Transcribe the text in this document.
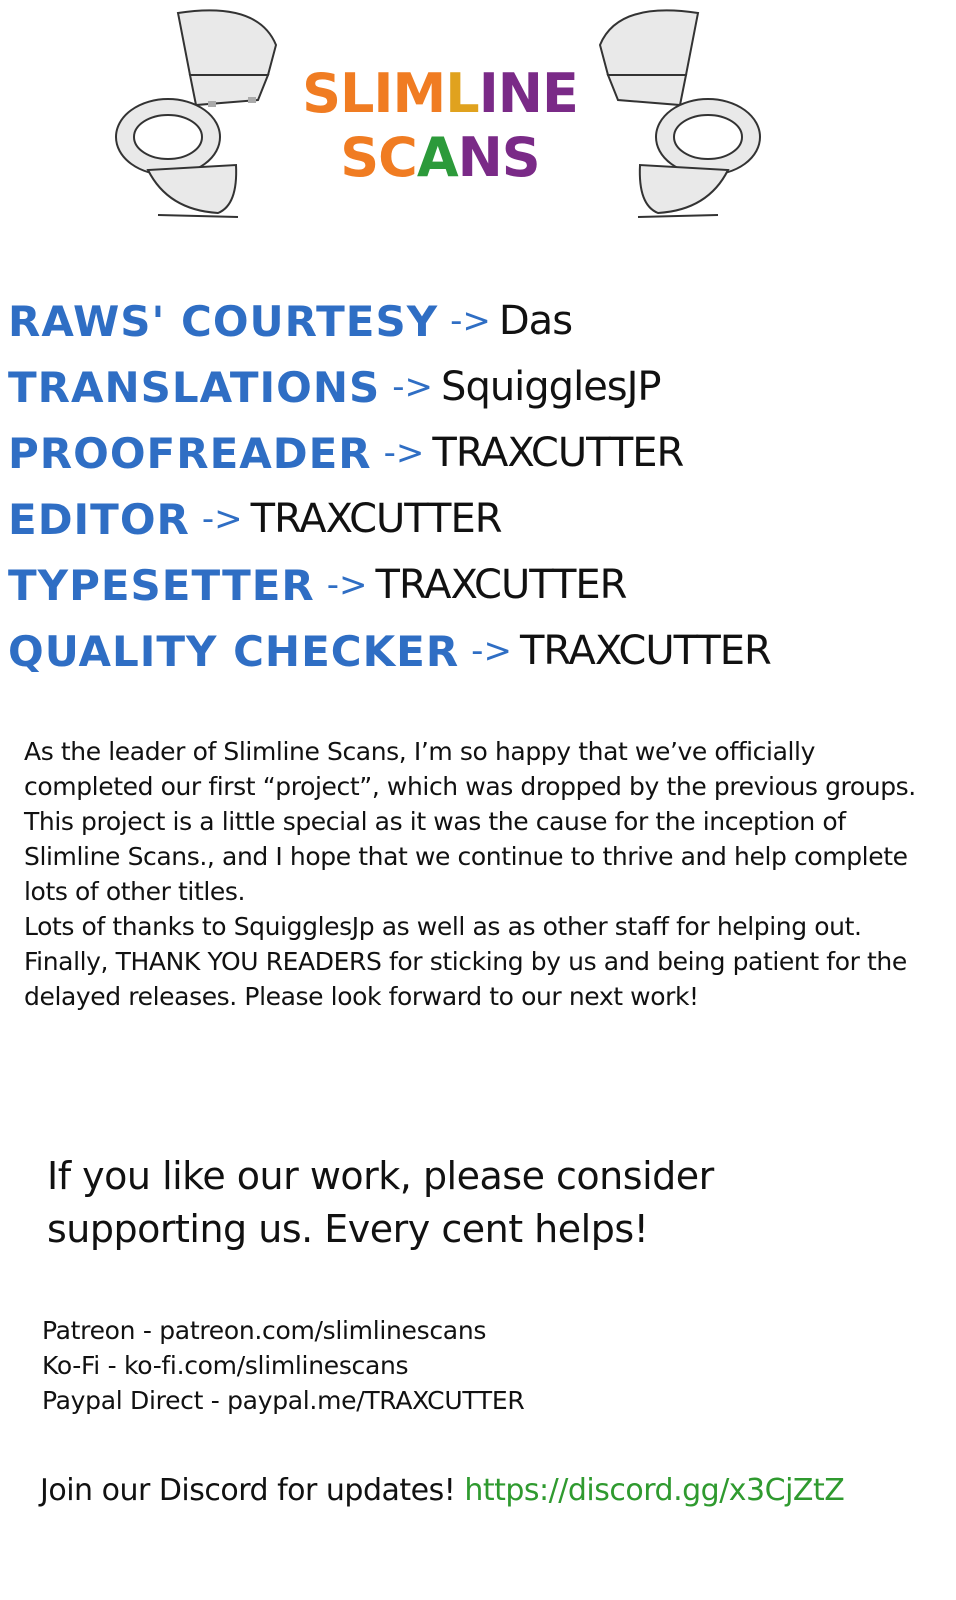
SLIMLINE
SCANS
RAWS' COURTESY -> Das
TRANSLATIONS -> SquigglesJP
PROOFREADER -> TRAXCUTTER
EDITOR -> TRAXCUTTER
TYPESETTER -> TRAXCUTTER
QUALITY CHECKER -> TRAXCUTTER

As the leader of Slimline Scans, I’m so happy that we’ve officially completed our first “project”, which was dropped by the previous groups. This project is a little special as it was the cause for the inception of Slimline Scans., and I hope that we continue to thrive and help complete lots of other titles.

Lots of thanks to SquigglesJp as well as as other staff for helping out.

Finally, THANK YOU READERS for sticking by us and being patient for the delayed releases. Please look forward to our next work!

If you like our work, please consider

supporting us. Every cent helps!

Patreon - patreon.com/slimlinescans
Ko-Fi - ko-fi.com/slimlinescans
Paypal Direct - paypal.me/TRAXCUTTER
Join our Discord for updates! https://discord.gg/x3CjZtZ
